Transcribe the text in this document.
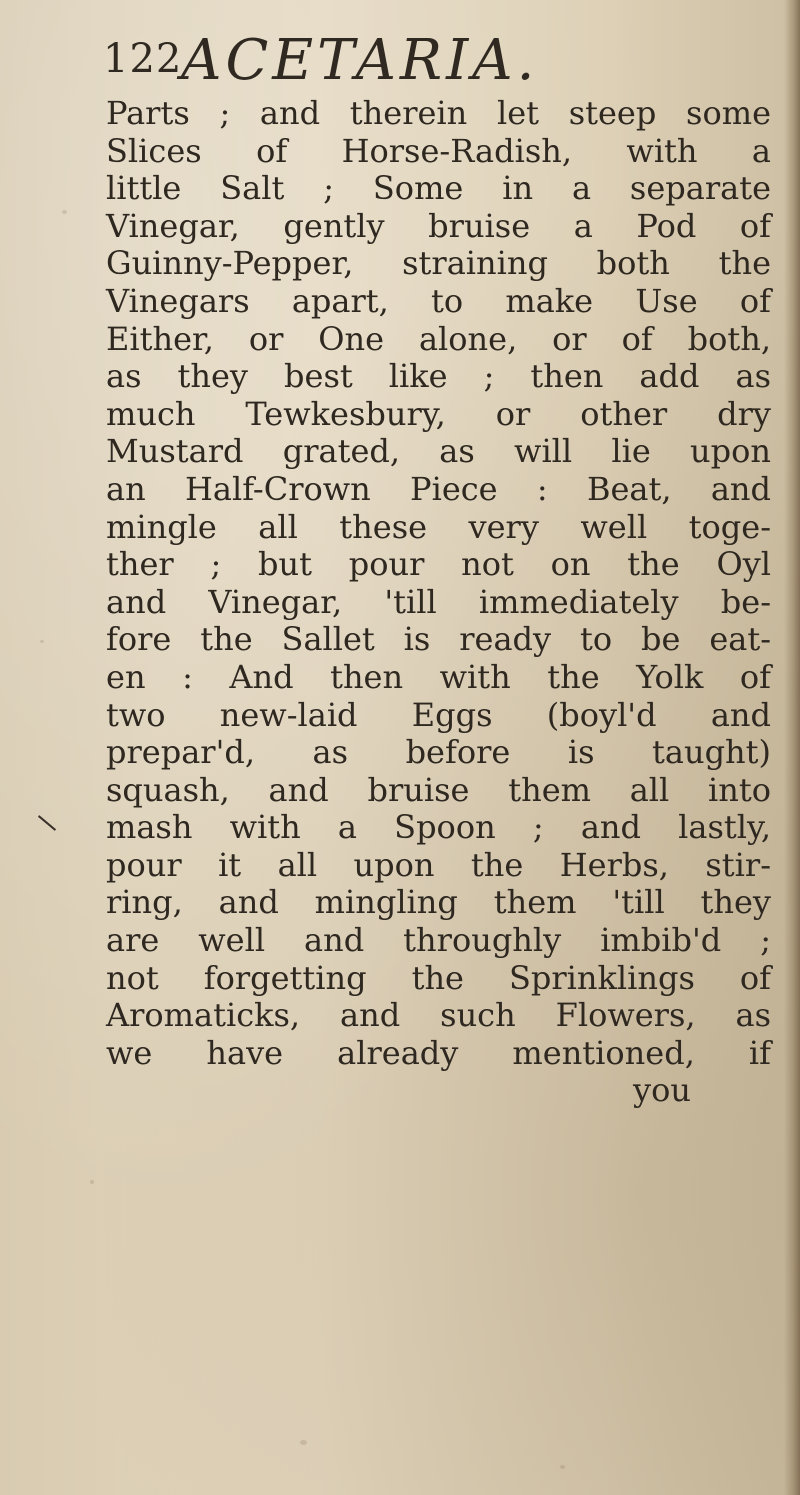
122
ACETARIA.
Parts ; and therein let steep some
Slices of Horse-Radish, with a
little Salt ; Some in a separate
Vinegar, gently bruise a Pod of
Guinny-Pepper, straining both the
Vinegars apart, to make Use of
Either, or One alone, or of both,
as they best like ; then add as
much Tewkesbury, or other dry
Mustard grated, as will lie upon
an Half-Crown Piece : Beat, and
mingle all these very well toge-
ther ; but pour not on the Oyl
and Vinegar, 'till immediately be-
fore the Sallet is ready to be eat-
en : And then with the Yolk of
two new-laid Eggs (boyl'd and
prepar'd, as before is taught)
squash, and bruise them all into
mash with a Spoon ; and lastly,
pour it all upon the Herbs, stir-
ring, and mingling them 'till they
are well and throughly imbib'd ;
not forgetting the Sprinklings of
Aromaticks, and such Flowers, as
we have already mentioned, if
you
